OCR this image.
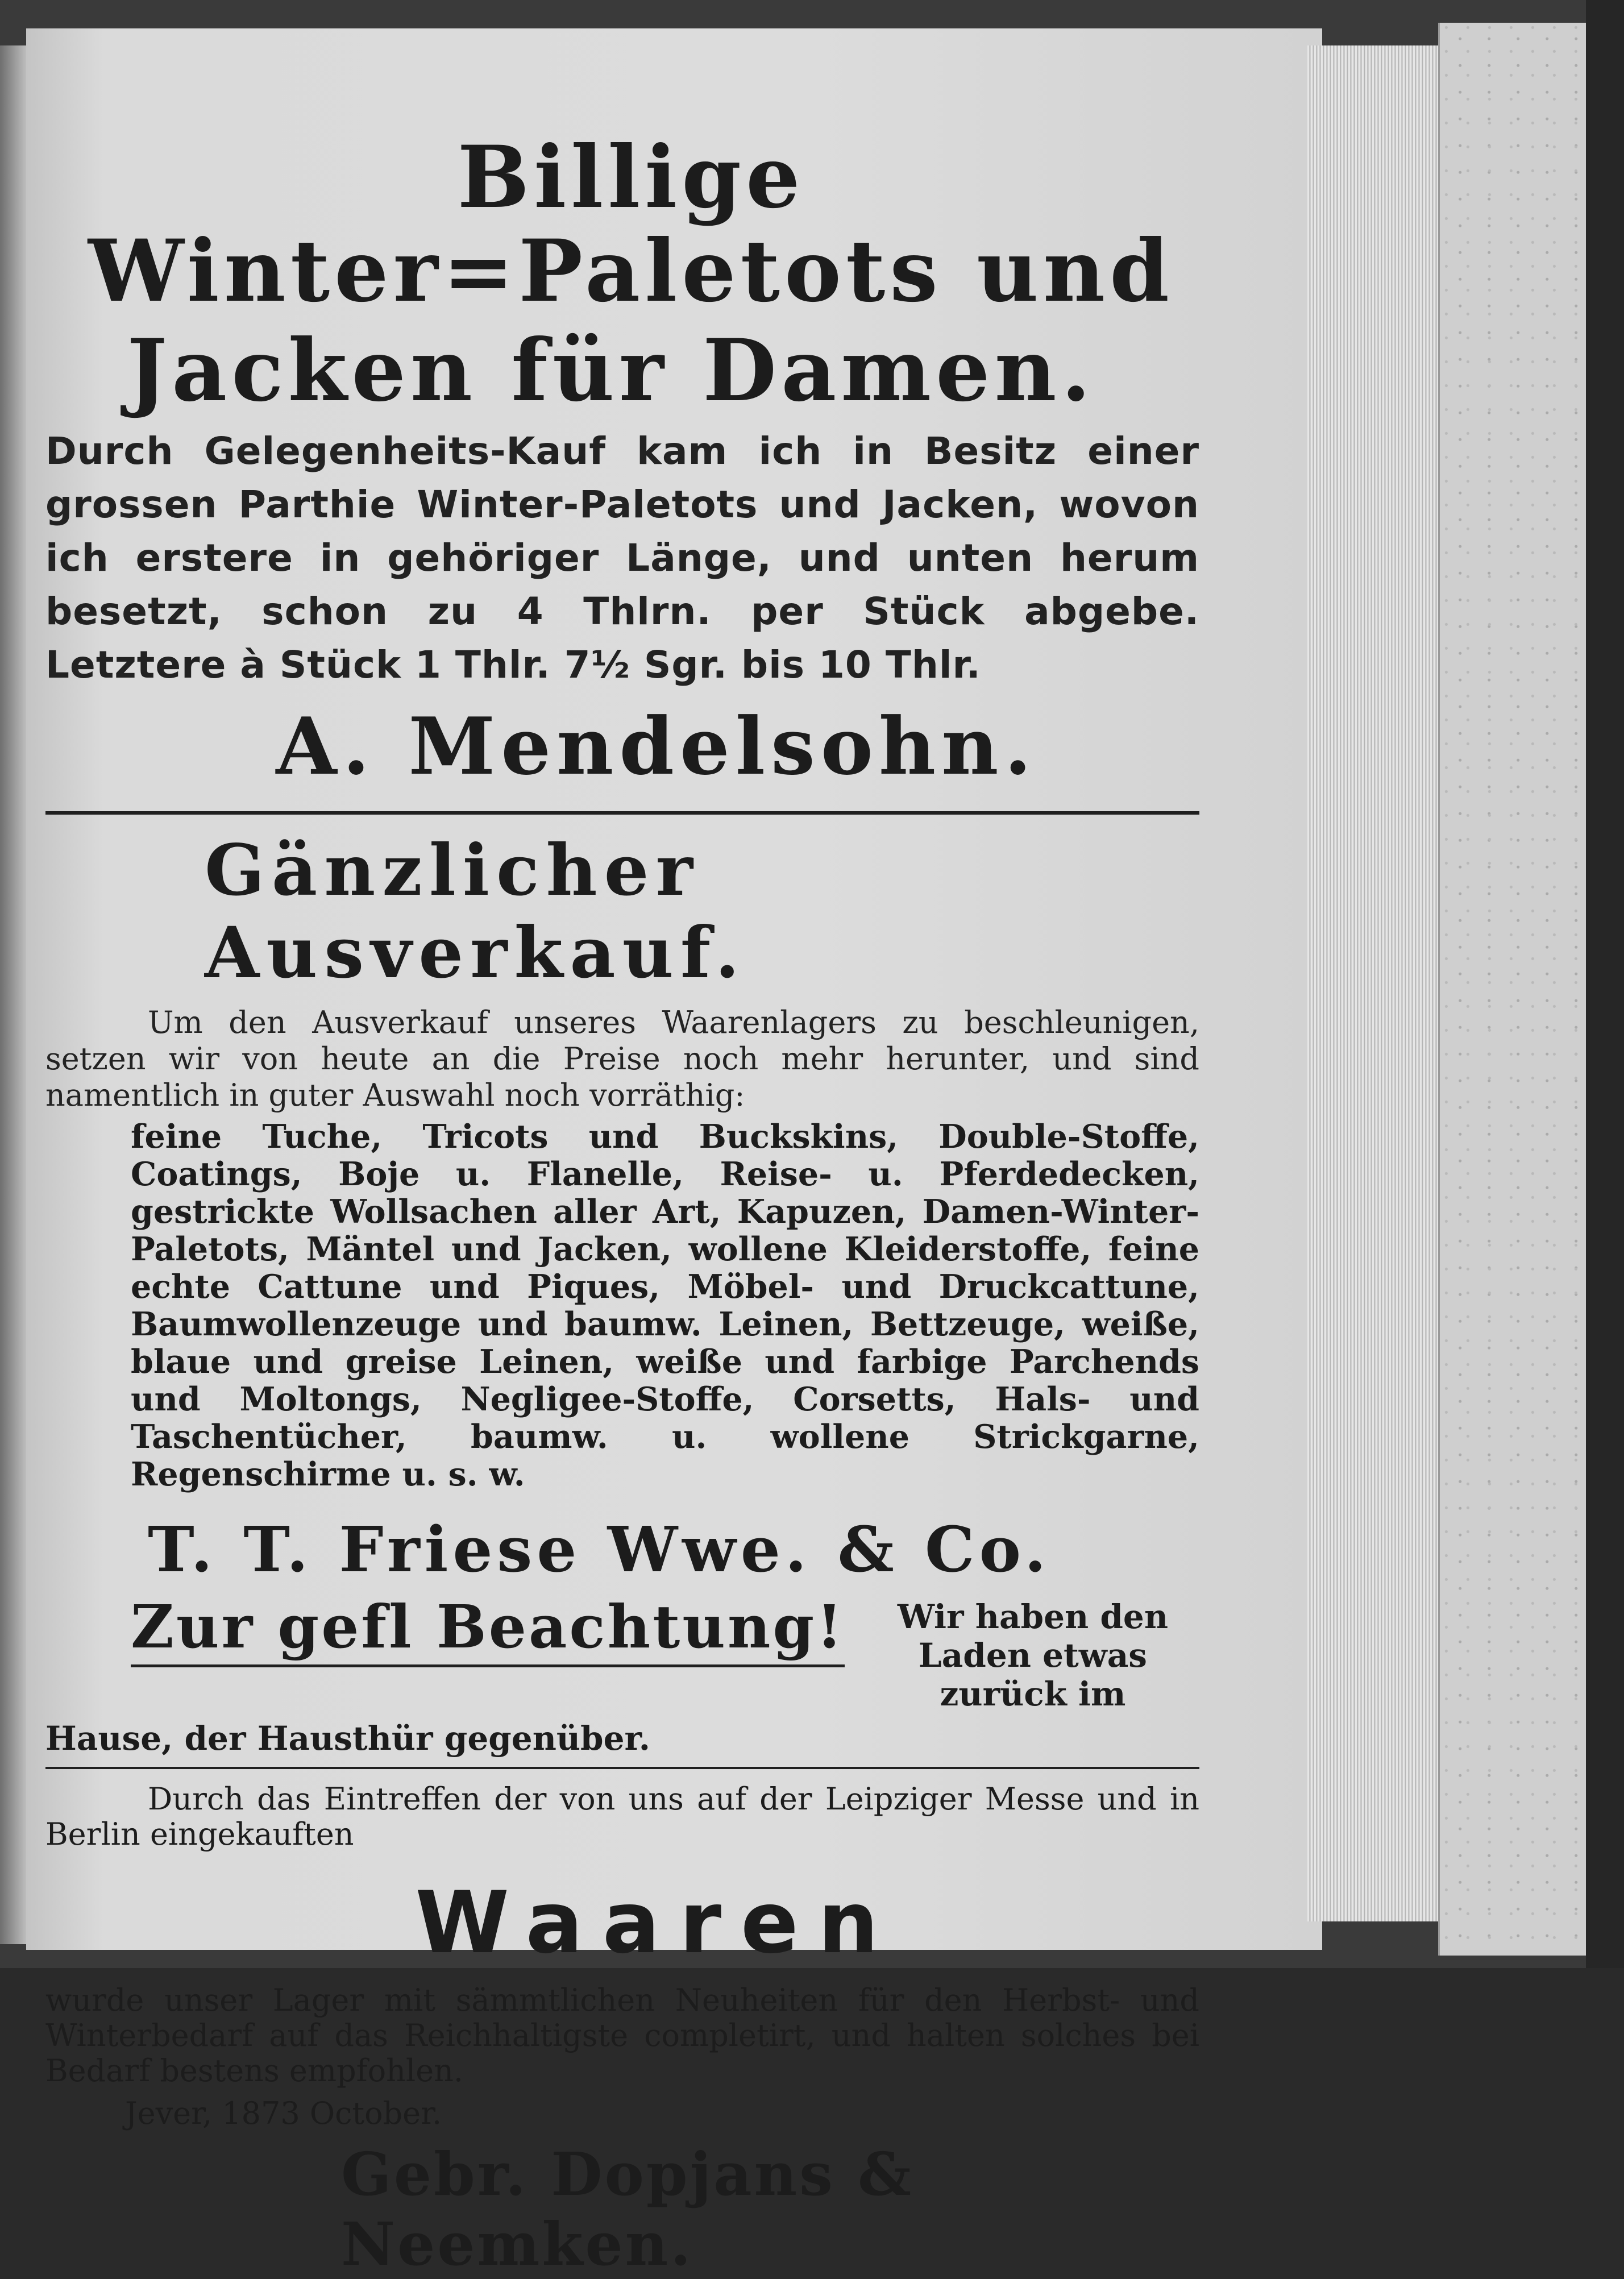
Billige Winter=Paletots und
Jacken für Damen.

Durch Gelegenheits-Kauf kam ich in Besitz einer grossen Parthie Winter-Paletots und Jacken, wovon ich erstere in gehöriger Länge, und unten herum besetzt, schon zu 4 Thlrn. per Stück abgebe. Letztere à Stück 1 Thlr. 7½ Sgr. bis 10 Thlr.

A. Mendelsohn.
Gänzlicher Ausverkauf.

Um den Ausverkauf unseres Waarenlagers zu beschleunigen, setzen wir von heute an die Preise noch mehr herunter, und sind namentlich in guter Auswahl noch vorräthig:

feine Tuche, Tricots und Buckskins, Double-Stoffe, Coatings, Boje u. Flanelle, Reise- u. Pferdedecken, gestrickte Wollsachen aller Art, Kapuzen, Damen-Winter-Paletots, Mäntel und Jacken, wollene Kleiderstoffe, feine echte Cattune und Piques, Möbel- und Druckcattune, Baumwollenzeuge und baumw. Leinen, Bettzeuge, weiße, blaue und greise Leinen, weiße und farbige Parchends und Moltongs, Negligee-Stoffe, Corsetts, Hals- und Taschentücher, baumw. u. wollene Strickgarne, Regenschirme u. s. w.

T. T. Friese Wwe. & Co.
Zur gefl Beachtung!	Wir haben den Laden etwas zurück im
Hause, der Hausthür gegenüber.

Durch das Eintreffen der von uns auf der Leipziger Messe und in Berlin eingekauften

Waaren

wurde unser Lager mit sämmtlichen Neuheiten für den Herbst- und Winterbedarf auf das Reichhaltigste completirt, und halten solches bei Bedarf bestens empfohlen.

Jever, 1873 October.
Gebr. Dopjans & Neemken.
